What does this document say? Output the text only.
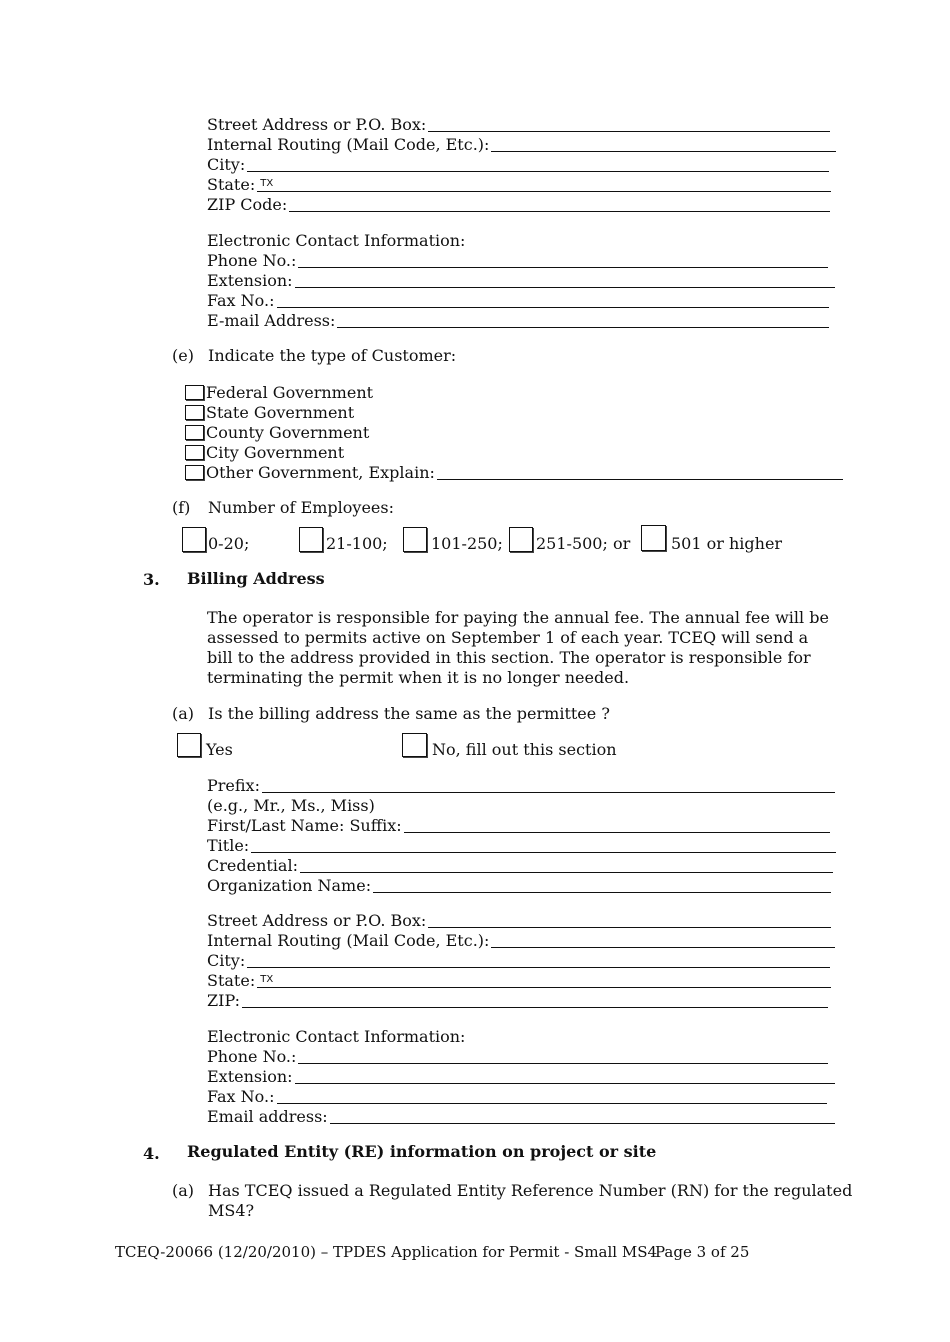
Street Address or P.O. Box:
Internal Routing (Mail Code, Etc.):
City:
State: TX
ZIP Code:
Electronic Contact Information:
Phone No.:
Extension:
Fax No.:
E-mail Address:
(e) Indicate the type of Customer:
Federal Government
State Government
County Government
City Government
Other Government, Explain:
(f) Number of Employees:
0-20;	21-100;	101-250; 251-500; or	501 or higher
3. Billing Address
The operator is responsible for paying the annual fee. The annual fee will be assessed to permits active on September 1 of each year. TCEQ will send a bill to the address provided in this section. The operator is responsible for terminating the permit when it is no longer needed.
(a) Is the billing address the same as the permittee ?
Yes	No, fill out this section
Prefix:
(e.g., Mr., Ms., Miss)
First/Last Name: Suffix:
Title:
Credential:
Organization Name:
Street Address or P.O. Box:
Internal Routing (Mail Code, Etc.):
City:
State: TX
ZIP:
Electronic Contact Information:
Phone No.:
Extension:
Fax No.:
Email address:
4. Regulated Entity (RE) information on project or site
(a) Has TCEQ issued a Regulated Entity Reference Number (RN) for the regulated
MS4?
TCEQ-20066 (12/20/2010) – TPDES Application for Permit - Small MS4
Page 3 of 25
